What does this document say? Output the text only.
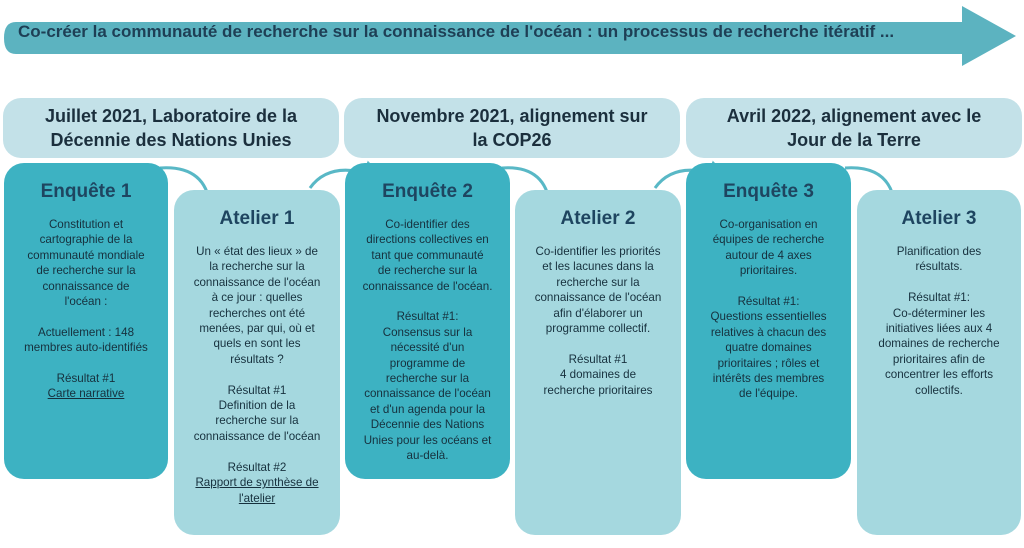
Co-créer la communauté de recherche sur la connaissance de l'océan : un processus de recherche itératif ...
Juillet 2021, Laboratoire de la
Décennie des Nations Unies
Novembre 2021, alignement sur
la COP26
Avril 2022, alignement avec le
Jour de la Terre
Enquête 1
Constitution et
cartographie de la
communauté mondiale
de recherche sur la
connaissance de
l'océan :

Actuellement : 148
membres auto-identifiés

Résultat #1
Carte narrative
Atelier 1
Un « état des lieux » de
la recherche sur la
connaissance de l'océan
à ce jour : quelles
recherches ont été
menées, par qui, où et
quels en sont les
résultats ?

Résultat #1
Definition de la
recherche sur la
connaissance de l'océan

Résultat #2
Rapport de synthèse de
l'atelier
Enquête 2
Co-identifier des
directions collectives en
tant que communauté
de recherche sur la
connaissance de l'océan.

Résultat #1:
Consensus sur la
nécessité d'un
programme de
recherche sur la
connaissance de l'océan
et d'un agenda pour la
Décennie des Nations
Unies pour les océans et
au-delà.
Atelier 2
Co-identifier les priorités
et les lacunes dans la
recherche sur la
connaissance de l'océan
afin d'élaborer un
programme collectif.

Résultat #1
4 domaines de
recherche prioritaires
Enquête 3
Co-organisation en
équipes de recherche
autour de 4 axes
prioritaires.

Résultat #1:
Questions essentielles
relatives à chacun des
quatre domaines
prioritaires ; rôles et
intérêts des membres
de l'équipe.
Atelier 3
Planification des
résultats.

Résultat #1:
Co-déterminer les
initiatives liées aux 4
domaines de recherche
prioritaires afin de
concentrer les efforts
collectifs.
